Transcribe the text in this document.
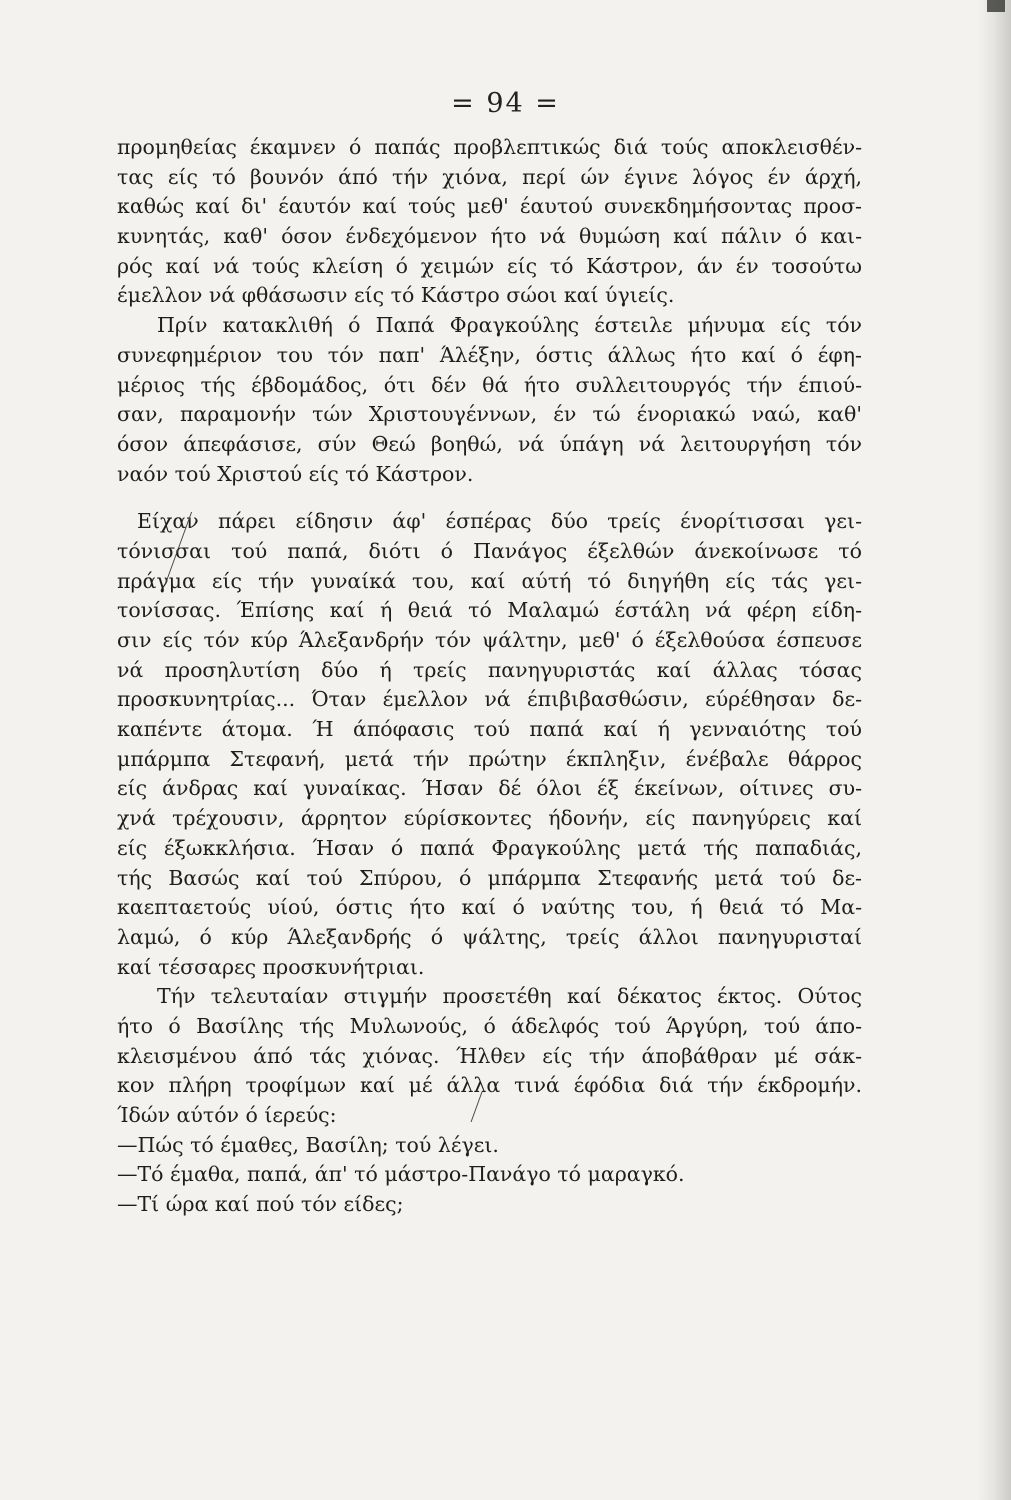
= 94 =
προμηθείας έκαμνεν ό παπάς προβλεπτικώς διά τούς αποκλεισθέν-
τας είς τό βουνόν άπό τήν χιόνα, περί ών έγινε λόγος έν άρχή,
καθώς καί δι' έαυτόν καί τούς μεθ' έαυτού συνεκδημήσοντας προσ-
κυνητάς, καθ' όσον ένδεχόμενον ήτο νά θυμώση καί πάλιν ό και-
ρός καί νά τούς κλείση ό χειμών είς τό Κάστρον, άν έν τοσούτω
έμελλον νά φθάσωσιν είς τό Κάστρο σώοι καί ύγιείς.
Πρίν κατακλιθή ό Παπά Φραγκούλης έστειλε μήνυμα είς τόν
συνεφημέριον του τόν παπ' Άλέξην, όστις άλλως ήτο καί ό έφη-
μέριος τής έβδομάδος, ότι δέν θά ήτο συλλειτουργός τήν έπιού-
σαν, παραμονήν τών Χριστουγέννων, έν τώ ένοριακώ ναώ, καθ'
όσον άπεφάσισε, σύν Θεώ βοηθώ, νά ύπάγη νά λειτουργήση τόν
ναόν τού Χριστού είς τό Κάστρον.
Είχαν πάρει είδησιν άφ' έσπέρας δύο τρείς ένορίτισσαι γει-
τόνισσαι τού παπά, διότι ό Πανάγος έξελθών άνεκοίνωσε τό
πράγμα είς τήν γυναίκά του, καί αύτή τό διηγήθη είς τάς γει-
τονίσσας. Έπίσης καί ή θειά τό Μαλαμώ έστάλη νά φέρη είδη-
σιν είς τόν κύρ Άλεξανδρήν τόν ψάλτην, μεθ' ό έξελθούσα έσπευσε
νά προσηλυτίση δύο ή τρείς πανηγυριστάς καί άλλας τόσας
προσκυνητρίας... Όταν έμελλον νά έπιβιβασθώσιν, εύρέθησαν δε-
καπέντε άτομα. Ή άπόφασις τού παπά καί ή γενναιότης τού
μπάρμπα Στεφανή, μετά τήν πρώτην έκπληξιν, ένέβαλε θάρρος
είς άνδρας καί γυναίκας. Ήσαν δέ όλοι έξ έκείνων, οίτινες συ-
χνά τρέχουσιν, άρρητον εύρίσκοντες ήδονήν, είς πανηγύρεις καί
είς έξωκκλήσια. Ήσαν ό παπά Φραγκούλης μετά τής παπαδιάς,
τής Βασώς καί τού Σπύρου, ό μπάρμπα Στεφανής μετά τού δε-
καεπταετούς υίού, όστις ήτο καί ό ναύτης του, ή θειά τό Μα-
λαμώ, ό κύρ Άλεξανδρής ό ψάλτης, τρείς άλλοι πανηγυρισταί
καί τέσσαρες προσκυνήτριαι.
Τήν τελευταίαν στιγμήν προσετέθη καί δέκατος έκτος. Ούτος
ήτο ό Βασίλης τής Μυλωνούς, ό άδελφός τού Άργύρη, τού άπο-
κλεισμένου άπό τάς χιόνας. Ήλθεν είς τήν άποβάθραν μέ σάκ-
κον πλήρη τροφίμων καί μέ άλλα τινά έφόδια διά τήν έκδρομήν.
Ίδών αύτόν ό ίερεύς:
—Πώς τό έμαθες, Βασίλη; τού λέγει.
—Τό έμαθα, παπά, άπ' τό μάστρο-Πανάγο τό μαραγκό.
—Τί ώρα καί πού τόν είδες;
